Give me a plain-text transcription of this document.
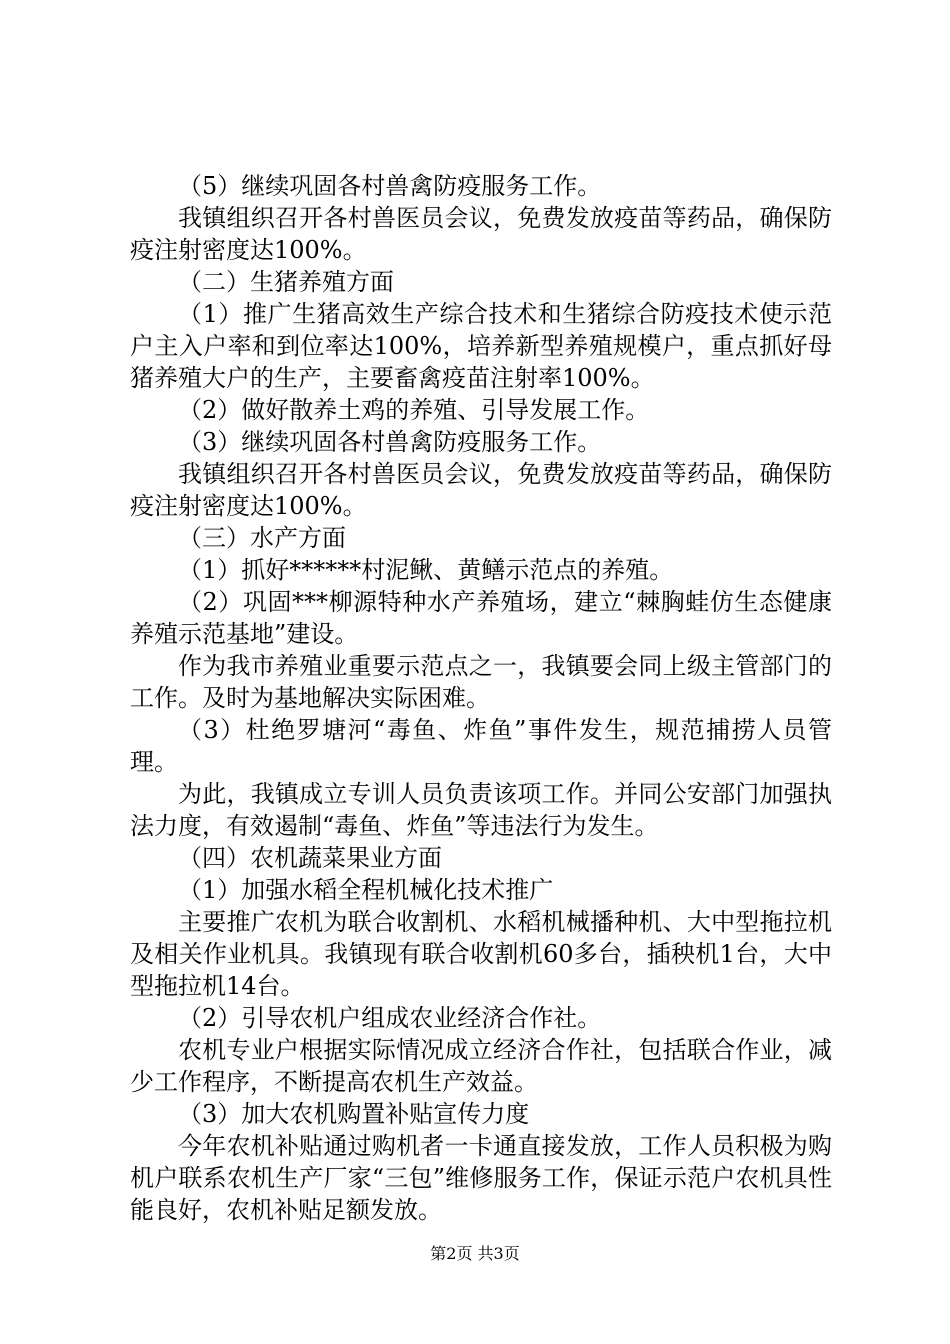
（5）继续巩固各村兽禽防疫服务工作。

我镇组织召开各村兽医员会议，免费发放疫苗等药品，确保防疫注射密度达100%。

（二）生猪养殖方面

（1）推广生猪高效生产综合技术和生猪综合防疫技术使示范户主入户率和到位率达100%，培养新型养殖规模户，重点抓好母猪养殖大户的生产，主要畜禽疫苗注射率100%。

（2）做好散养土鸡的养殖、引导发展工作。

（3）继续巩固各村兽禽防疫服务工作。

我镇组织召开各村兽医员会议，免费发放疫苗等药品，确保防疫注射密度达100%。

（三）水产方面

（1）抓好******村泥鳅、黄鳝示范点的养殖。

（2）巩固***柳源特种水产养殖场，建立“棘胸蛙仿生态健康养殖示范基地”建设。

作为我市养殖业重要示范点之一，我镇要会同上级主管部门的工作。及时为基地解决实际困难。

（3）杜绝罗塘河“毒鱼、炸鱼”事件发生，规范捕捞人员管理。

为此，我镇成立专训人员负责该项工作。并同公安部门加强执法力度，有效遏制“毒鱼、炸鱼”等违法行为发生。

（四）农机蔬菜果业方面

（1）加强水稻全程机械化技术推广

主要推广农机为联合收割机、水稻机械播种机、大中型拖拉机及相关作业机具。我镇现有联合收割机60多台，插秧机1台，大中型拖拉机14台。

（2）引导农机户组成农业经济合作社。

农机专业户根据实际情况成立经济合作社，包括联合作业，减少工作程序，不断提高农机生产效益。

（3）加大农机购置补贴宣传力度

今年农机补贴通过购机者一卡通直接发放，工作人员积极为购机户联系农机生产厂家“三包”维修服务工作，保证示范户农机具性能良好，农机补贴足额发放。

第2页 共3页
